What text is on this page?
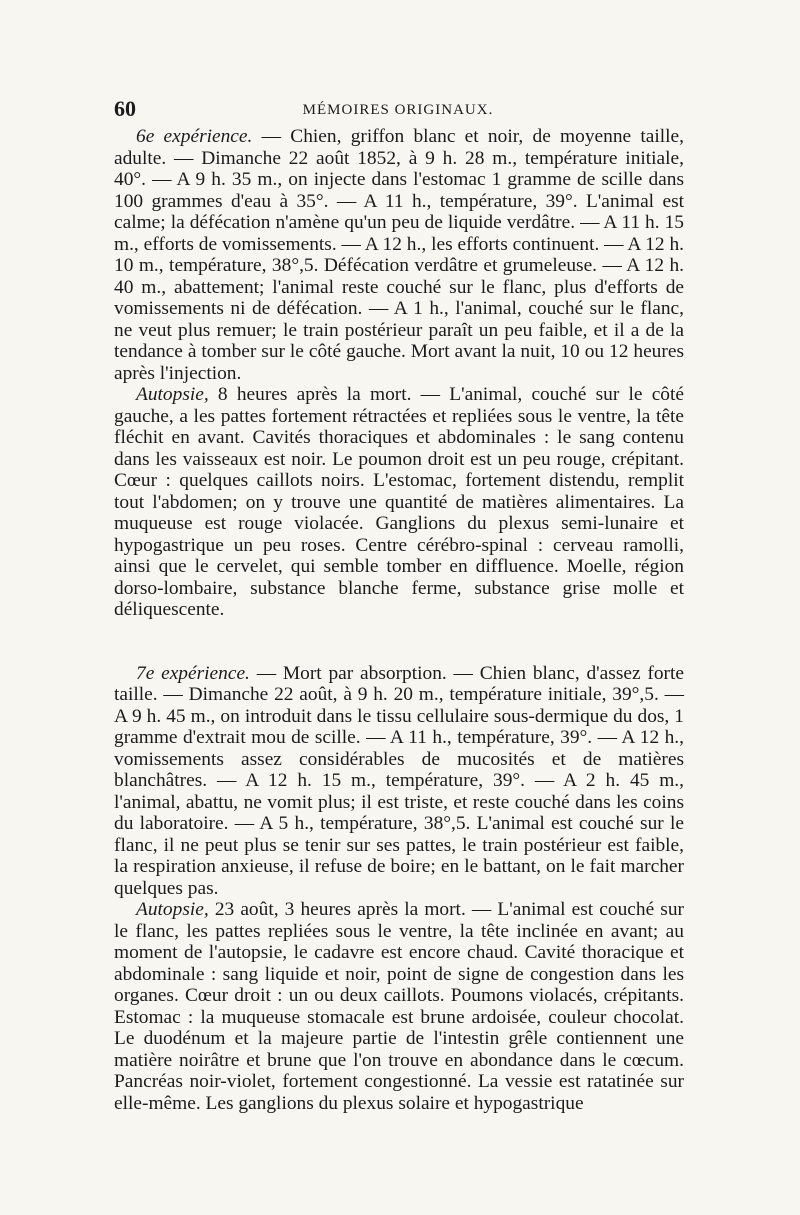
60	MÉMOIRES ORIGINAUX.

6e expérience. — Chien, griffon blanc et noir, de moyenne taille, adulte. — Dimanche 22 août 1852, à 9 h. 28 m., température initiale, 40°. — A 9 h. 35 m., on injecte dans l'estomac 1 gramme de scille dans 100 grammes d'eau à 35°. — A 11 h., température, 39°. L'animal est calme; la défécation n'amène qu'un peu de liquide verdâtre. — A 11 h. 15 m., efforts de vomissements. — A 12 h., les efforts continuent. — A 12 h. 10 m., température, 38°,5. Défécation verdâtre et grumeleuse. — A 12 h. 40 m., abattement; l'animal reste couché sur le flanc, plus d'efforts de vomissements ni de défécation. — A 1 h., l'animal, couché sur le flanc, ne veut plus remuer; le train postérieur paraît un peu faible, et il a de la tendance à tomber sur le côté gauche. Mort avant la nuit, 10 ou 12 heures après l'injection.

Autopsie, 8 heures après la mort. — L'animal, couché sur le côté gauche, a les pattes fortement rétractées et repliées sous le ventre, la tête fléchit en avant. Cavités thoraciques et abdominales : le sang contenu dans les vaisseaux est noir. Le poumon droit est un peu rouge, crépitant. Cœur : quelques caillots noirs. L'estomac, fortement distendu, remplit tout l'abdomen; on y trouve une quantité de matières alimentaires. La muqueuse est rouge violacée. Ganglions du plexus semi-lunaire et hypogastrique un peu roses. Centre cérébro-spinal : cerveau ramolli, ainsi que le cervelet, qui semble tomber en diffluence. Moelle, région dorso-lombaire, substance blanche ferme, substance grise molle et déliquescente.

7e expérience. — Mort par absorption. — Chien blanc, d'assez forte taille. — Dimanche 22 août, à 9 h. 20 m., température initiale, 39°,5. — A 9 h. 45 m., on introduit dans le tissu cellulaire sous-dermique du dos, 1 gramme d'extrait mou de scille. — A 11 h., température, 39°. — A 12 h., vomissements assez considérables de mucosités et de matières blanchâtres. — A 12 h. 15 m., température, 39°. — A 2 h. 45 m., l'animal, abattu, ne vomit plus; il est triste, et reste couché dans les coins du laboratoire. — A 5 h., température, 38°,5. L'animal est couché sur le flanc, il ne peut plus se tenir sur ses pattes, le train postérieur est faible, la respiration anxieuse, il refuse de boire; en le battant, on le fait marcher quelques pas.

Autopsie, 23 août, 3 heures après la mort. — L'animal est couché sur le flanc, les pattes repliées sous le ventre, la tête inclinée en avant; au moment de l'autopsie, le cadavre est encore chaud. Cavité thoracique et abdominale : sang liquide et noir, point de signe de congestion dans les organes. Cœur droit : un ou deux caillots. Poumons violacés, crépitants. Estomac : la muqueuse stomacale est brune ardoisée, couleur chocolat. Le duodénum et la majeure partie de l'intestin grêle contiennent une matière noirâtre et brune que l'on trouve en abondance dans le cœcum. Pancréas noir-violet, fortement congestionné. La vessie est ratatinée sur elle-même. Les ganglions du plexus solaire et hypogastrique
